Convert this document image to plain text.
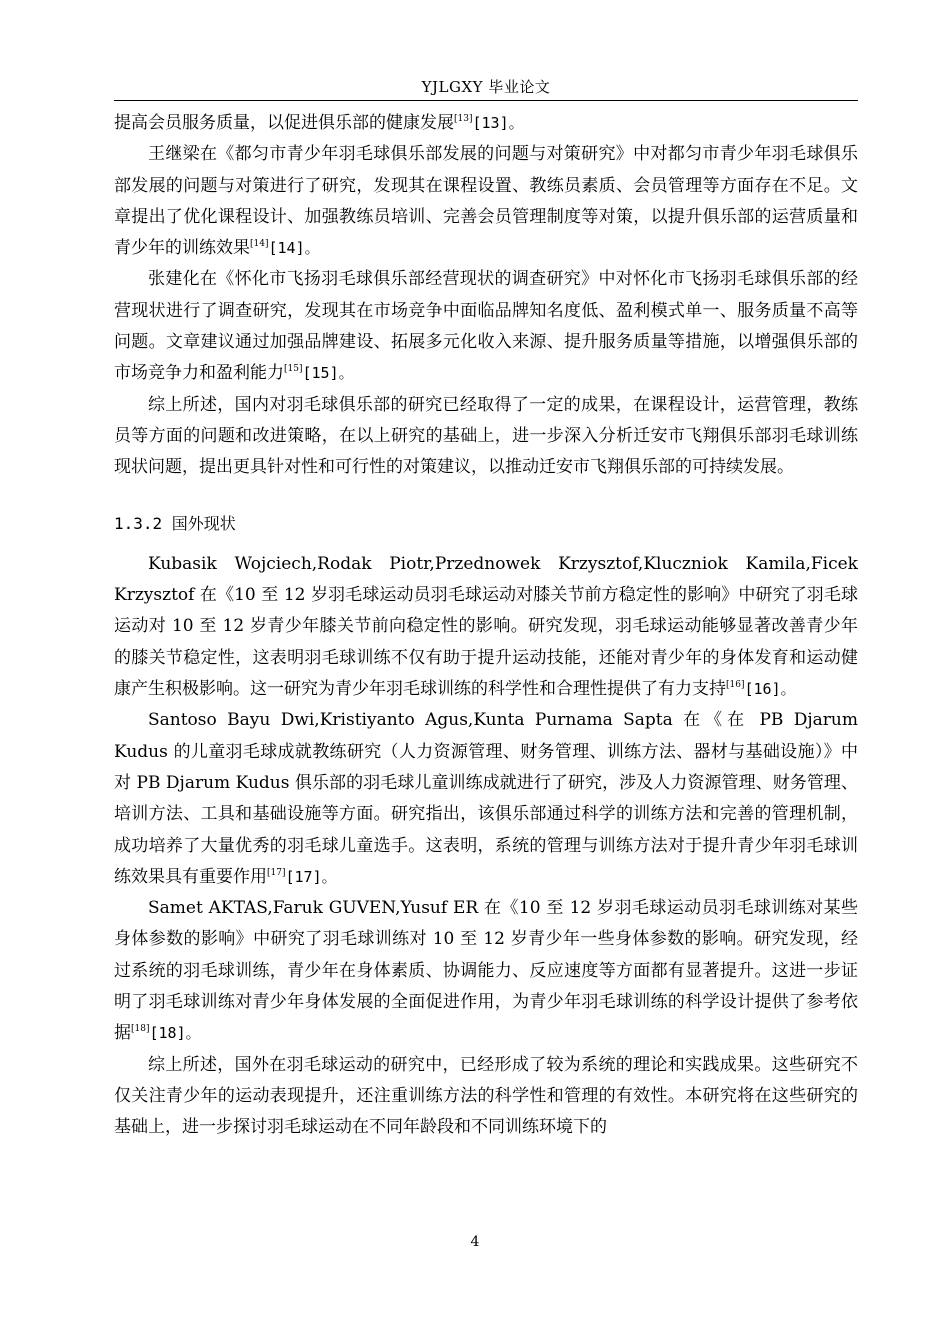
YJLGXY 毕业论文

提高会员服务质量，以促进俱乐部的健康发展[13][13]。

王继梁在《都匀市青少年羽毛球俱乐部发展的问题与对策研究》中对都匀市青少年羽毛球俱乐部发展的问题与对策进行了研究，发现其在课程设置、教练员素质、会员管理等方面存在不足。文章提出了优化课程设计、加强教练员培训、完善会员管理制度等对策，以提升俱乐部的运营质量和青少年的训练效果[14][14]。

张建化在《怀化市飞扬羽毛球俱乐部经营现状的调查研究》中对怀化市飞扬羽毛球俱乐部的经营现状进行了调查研究，发现其在市场竞争中面临品牌知名度低、盈利模式单一、服务质量不高等问题。文章建议通过加强品牌建设、拓展多元化收入来源、提升服务质量等措施，以增强俱乐部的市场竞争力和盈利能力[15][15]。

综上所述，国内对羽毛球俱乐部的研究已经取得了一定的成果，在课程设计，运营管理，教练员等方面的问题和改进策略，在以上研究的基础上，进一步深入分析迁安市飞翔俱乐部羽毛球训练现状问题，提出更具针对性和可行性的对策建议，以推动迁安市飞翔俱乐部的可持续发展。

1.3.2 国外现状

Kubasik Wojciech,Rodak Piotr,Przednowek Krzysztof,Kluczniok Kamila,Ficek Krzysztof 在《10 至 12 岁羽毛球运动员羽毛球运动对膝关节前方稳定性的影响》中研究了羽毛球运动对 10 至 12 岁青少年膝关节前向稳定性的影响。研究发现，羽毛球运动能够显著改善青少年的膝关节稳定性，这表明羽毛球训练不仅有助于提升运动技能，还能对青少年的身体发育和运动健康产生积极影响。这一研究为青少年羽毛球训练的科学性和合理性提供了有力支持[16][16]。

Santoso Bayu Dwi,Kristiyanto Agus,Kunta Purnama Sapta 在《在 PB Djarum Kudus 的儿童羽毛球成就教练研究（人力资源管理、财务管理、训练方法、器材与基础设施）》中对 PB Djarum Kudus 俱乐部的羽毛球儿童训练成就进行了研究，涉及人力资源管理、财务管理、培训方法、工具和基础设施等方面。研究指出，该俱乐部通过科学的训练方法和完善的管理机制，成功培养了大量优秀的羽毛球儿童选手。这表明，系统的管理与训练方法对于提升青少年羽毛球训练效果具有重要作用[17][17]。

Samet AKTAS,Faruk GUVEN,Yusuf ER 在《10 至 12 岁羽毛球运动员羽毛球训练对某些身体参数的影响》中研究了羽毛球训练对 10 至 12 岁青少年一些身体参数的影响。研究发现，经过系统的羽毛球训练，青少年在身体素质、协调能力、反应速度等方面都有显著提升。这进一步证明了羽毛球训练对青少年身体发展的全面促进作用，为青少年羽毛球训练的科学设计提供了参考依据[18][18]。

综上所述，国外在羽毛球运动的研究中，已经形成了较为系统的理论和实践成果。这些研究不仅关注青少年的运动表现提升，还注重训练方法的科学性和管理的有效性。本研究将在这些研究的基础上，进一步探讨羽毛球运动在不同年龄段和不同训练环境下的

4
